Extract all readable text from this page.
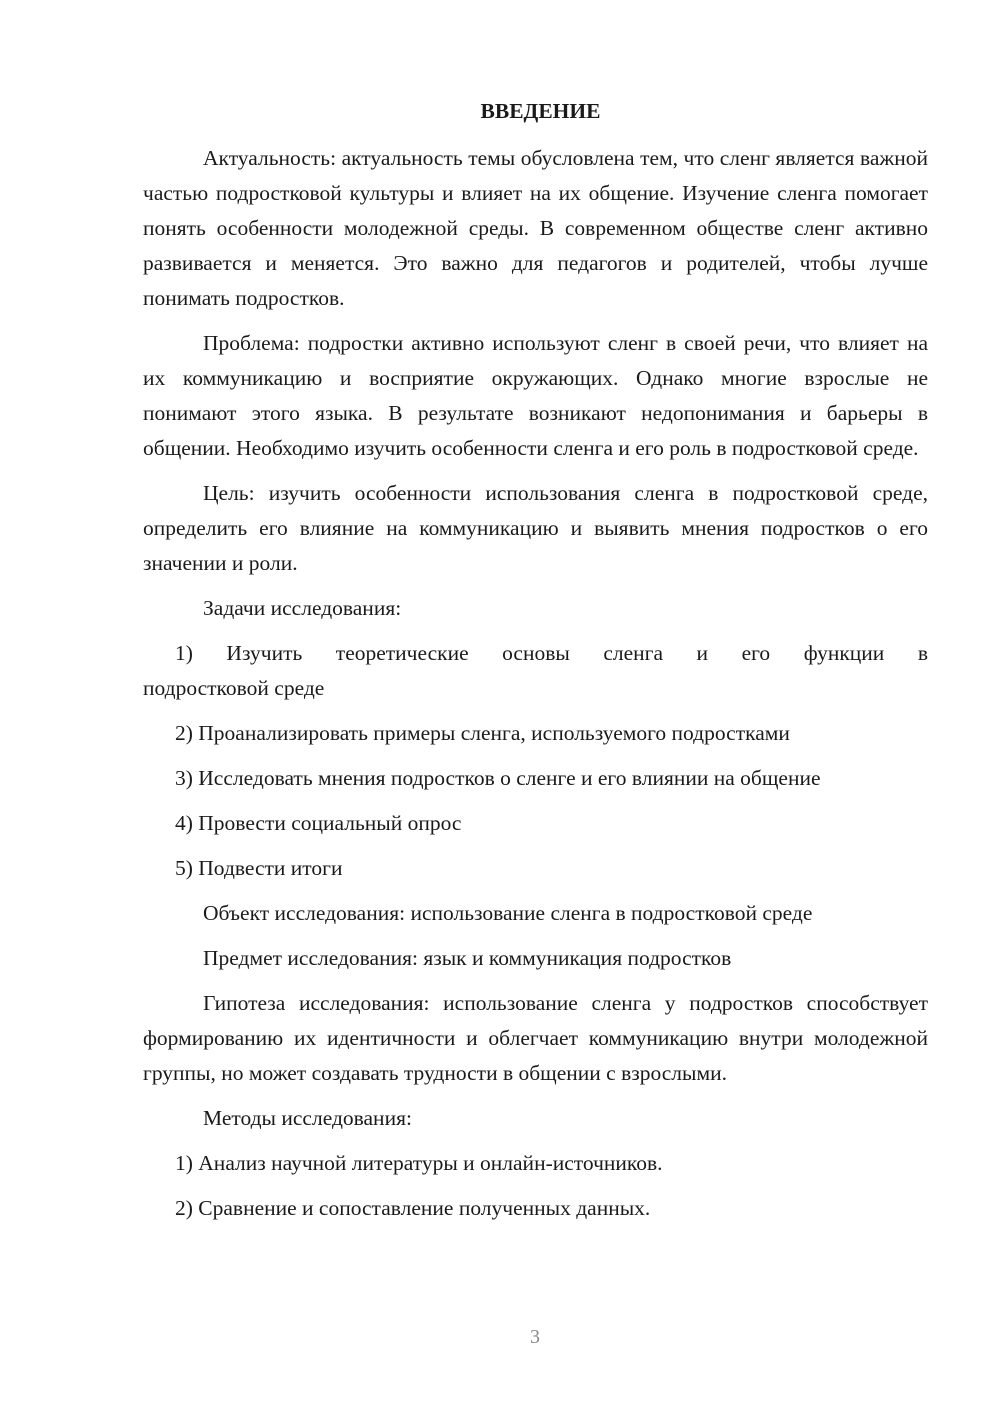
ВВЕДЕНИЕ

Актуальность: актуальность темы обусловлена тем, что сленг является важной частью подростковой культуры и влияет на их общение. Изучение сленга помогает понять особенности молодежной среды. В современном обществе сленг активно развивается и меняется. Это важно для педагогов и родителей, чтобы лучше понимать подростков.

Проблема: подростки активно используют сленг в своей речи, что влияет на их коммуникацию и восприятие окружающих. Однако многие взрослые не понимают этого языка. В результате возникают недопонимания и барьеры в общении. Необходимо изучить особенности сленга и его роль в подростковой среде.

Цель: изучить особенности использования сленга в подростковой среде, определить его влияние на коммуникацию и выявить мнения подростков о его значении и роли.

Задачи исследования:

1) Изучить теоретические основы сленга и его функции в

подростковой среде

2) Проанализировать примеры сленга, используемого подростками

3) Исследовать мнения подростков о сленге и его влиянии на общение

4) Провести социальный опрос

5) Подвести итоги

Объект исследования: использование сленга в подростковой среде

Предмет исследования: язык и коммуникация подростков

Гипотеза исследования: использование сленга у подростков способствует формированию их идентичности и облегчает коммуникацию внутри молодежной группы, но может создавать трудности в общении с взрослыми.

Методы исследования:

1) Анализ научной литературы и онлайн-источников.

2) Сравнение и сопоставление полученных данных.

3
